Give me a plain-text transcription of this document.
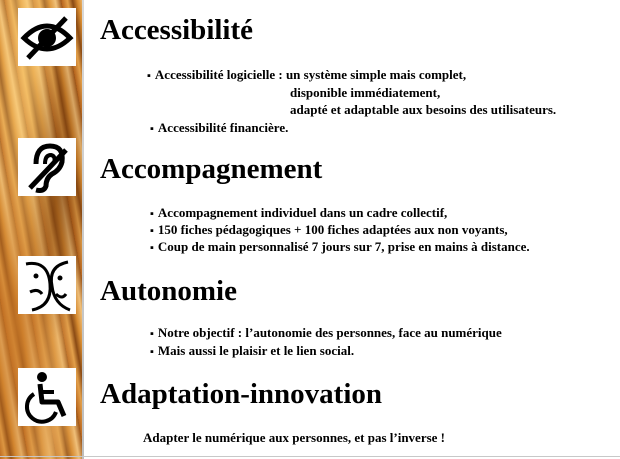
Accessibilité

▪ Accessibilité logicielle : un système simple mais complet,

disponible immédiatement,

adapté et adaptable aux besoins des utilisateurs.

▪ Accessibilité financière.

Accompagnement

▪ Accompagnement individuel dans un cadre collectif,

▪ 150 fiches pédagogiques + 100 fiches adaptées aux non voyants,

▪ Coup de main personnalisé 7 jours sur 7, prise en mains à distance.

Autonomie

▪ Notre objectif : l’autonomie des personnes, face au numérique

▪ Mais aussi le plaisir et le lien social.

Adaptation-innovation

Adapter le numérique aux personnes, et pas l’inverse !
